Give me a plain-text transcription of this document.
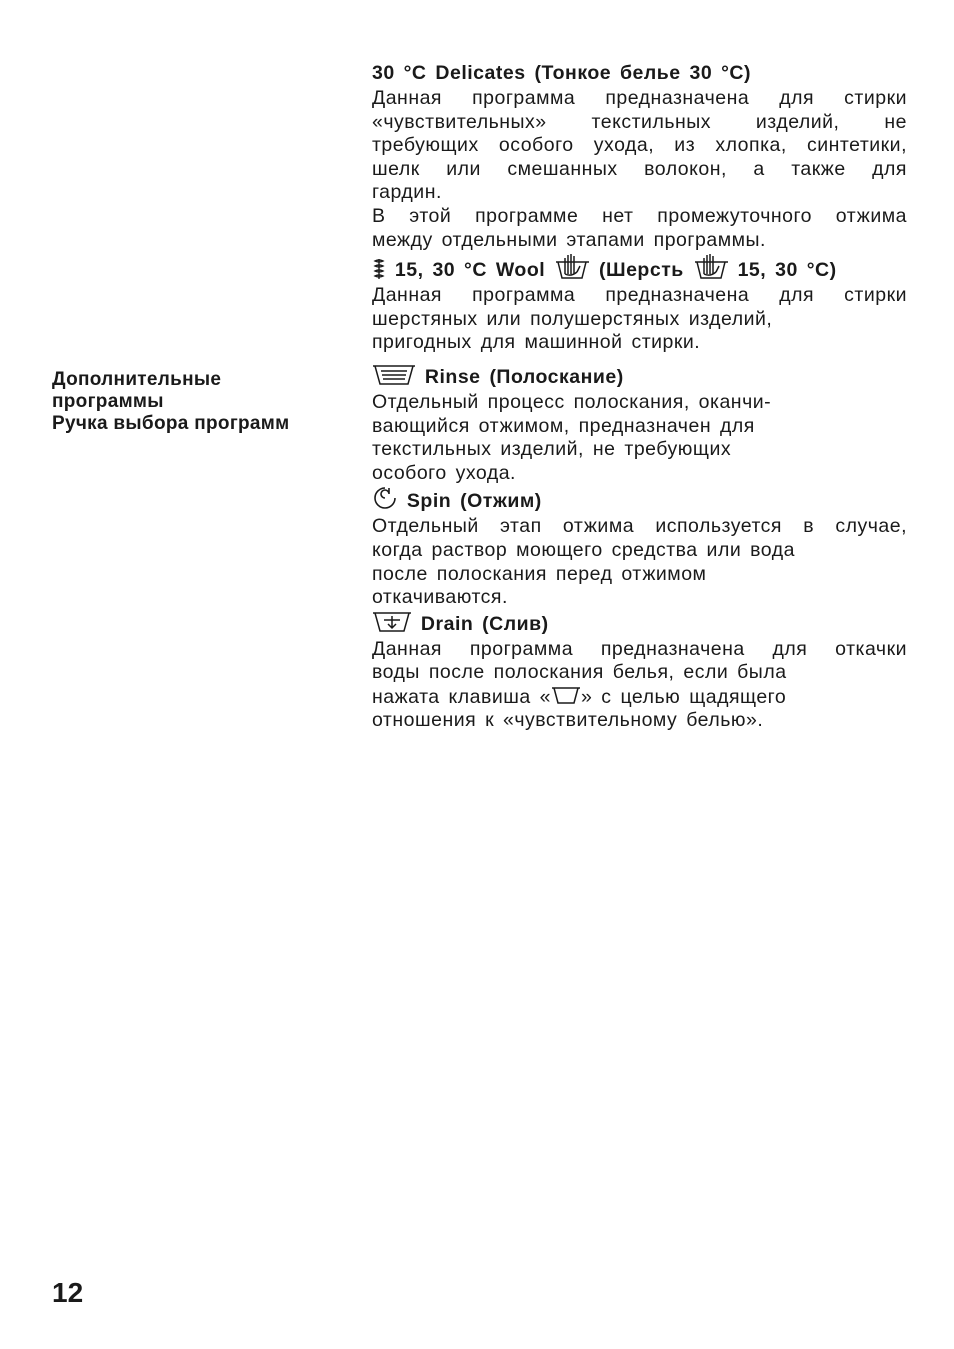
Дополнительные
программы
Ручка выбора программ
30 °C Delicates (Тонкое белье 30 °C)
Данная программа предназначена для стирки
«чувствительных» текстильных изделий, не
требующих особого ухода, из хлопка, синтетики,
шелк или смешанных волокон, а также для
гардин.
В этой программе нет промежуточного отжима
между отдельными этапами программы.
15, 30 °C Wool	(Шерсть	15, 30 °C)
Данная программа предназначена для стирки
шерстяных или полушерстяных изделий,
пригодных для машинной стирки.
Rinse (Полоскание)
Отдельный процесс полоскания, оканчи-
вающийся отжимом, предназначен для
текстильных изделий, не требующих
особого ухода.
Spin (Отжим)
Отдельный этап отжима используется в случае,
когда раствор моющего средства или вода
после полоскания перед отжимом
откачиваются.
Drain (Слив)
Данная программа предназначена для откачки
воды после полоскания белья, если была
нажата клавиша « » с целью щадящего
отношения к «чувствительному белью».
12
